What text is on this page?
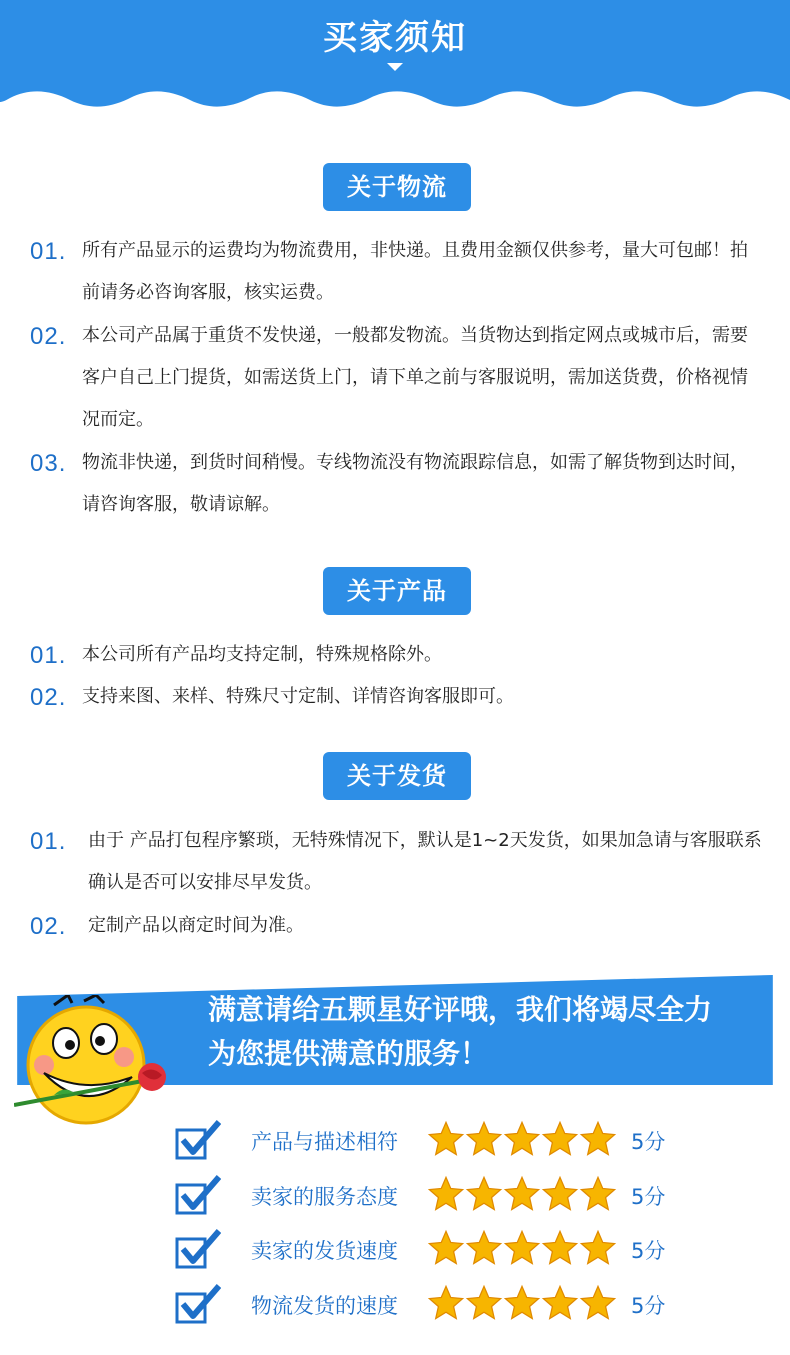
买家须知
关于物流
01. 所有产品显示的运费均为物流费用，非快递。且费用金额仅供参考，量大可包邮！拍前请务必咨询客服，核实运费。
02. 本公司产品属于重货不发快递，一般都发物流。当货物达到指定网点或城市后，需要客户自己上门提货，如需送货上门，请下单之前与客服说明，需加送货费，价格视情况而定。
03. 物流非快递，到货时间稍慢。专线物流没有物流跟踪信息，如需了解货物到达时间，请咨询客服，敬请谅解。
关于产品
01. 本公司所有产品均支持定制，特殊规格除外。
02. 支持来图、来样、特殊尺寸定制、详情咨询客服即可。
关于发货
01. 由于 产品打包程序繁琐，无特殊情况下，默认是1~2天发货，如果加急请与客服联系确认是否可以安排尽早发货。
02. 定制产品以商定时间为准。
满意请给五颗星好评哦，我们将竭尽全力
为您提供满意的服务！
产品与描述相符	5分
卖家的服务态度	5分
卖家的发货速度	5分
物流发货的速度	5分
